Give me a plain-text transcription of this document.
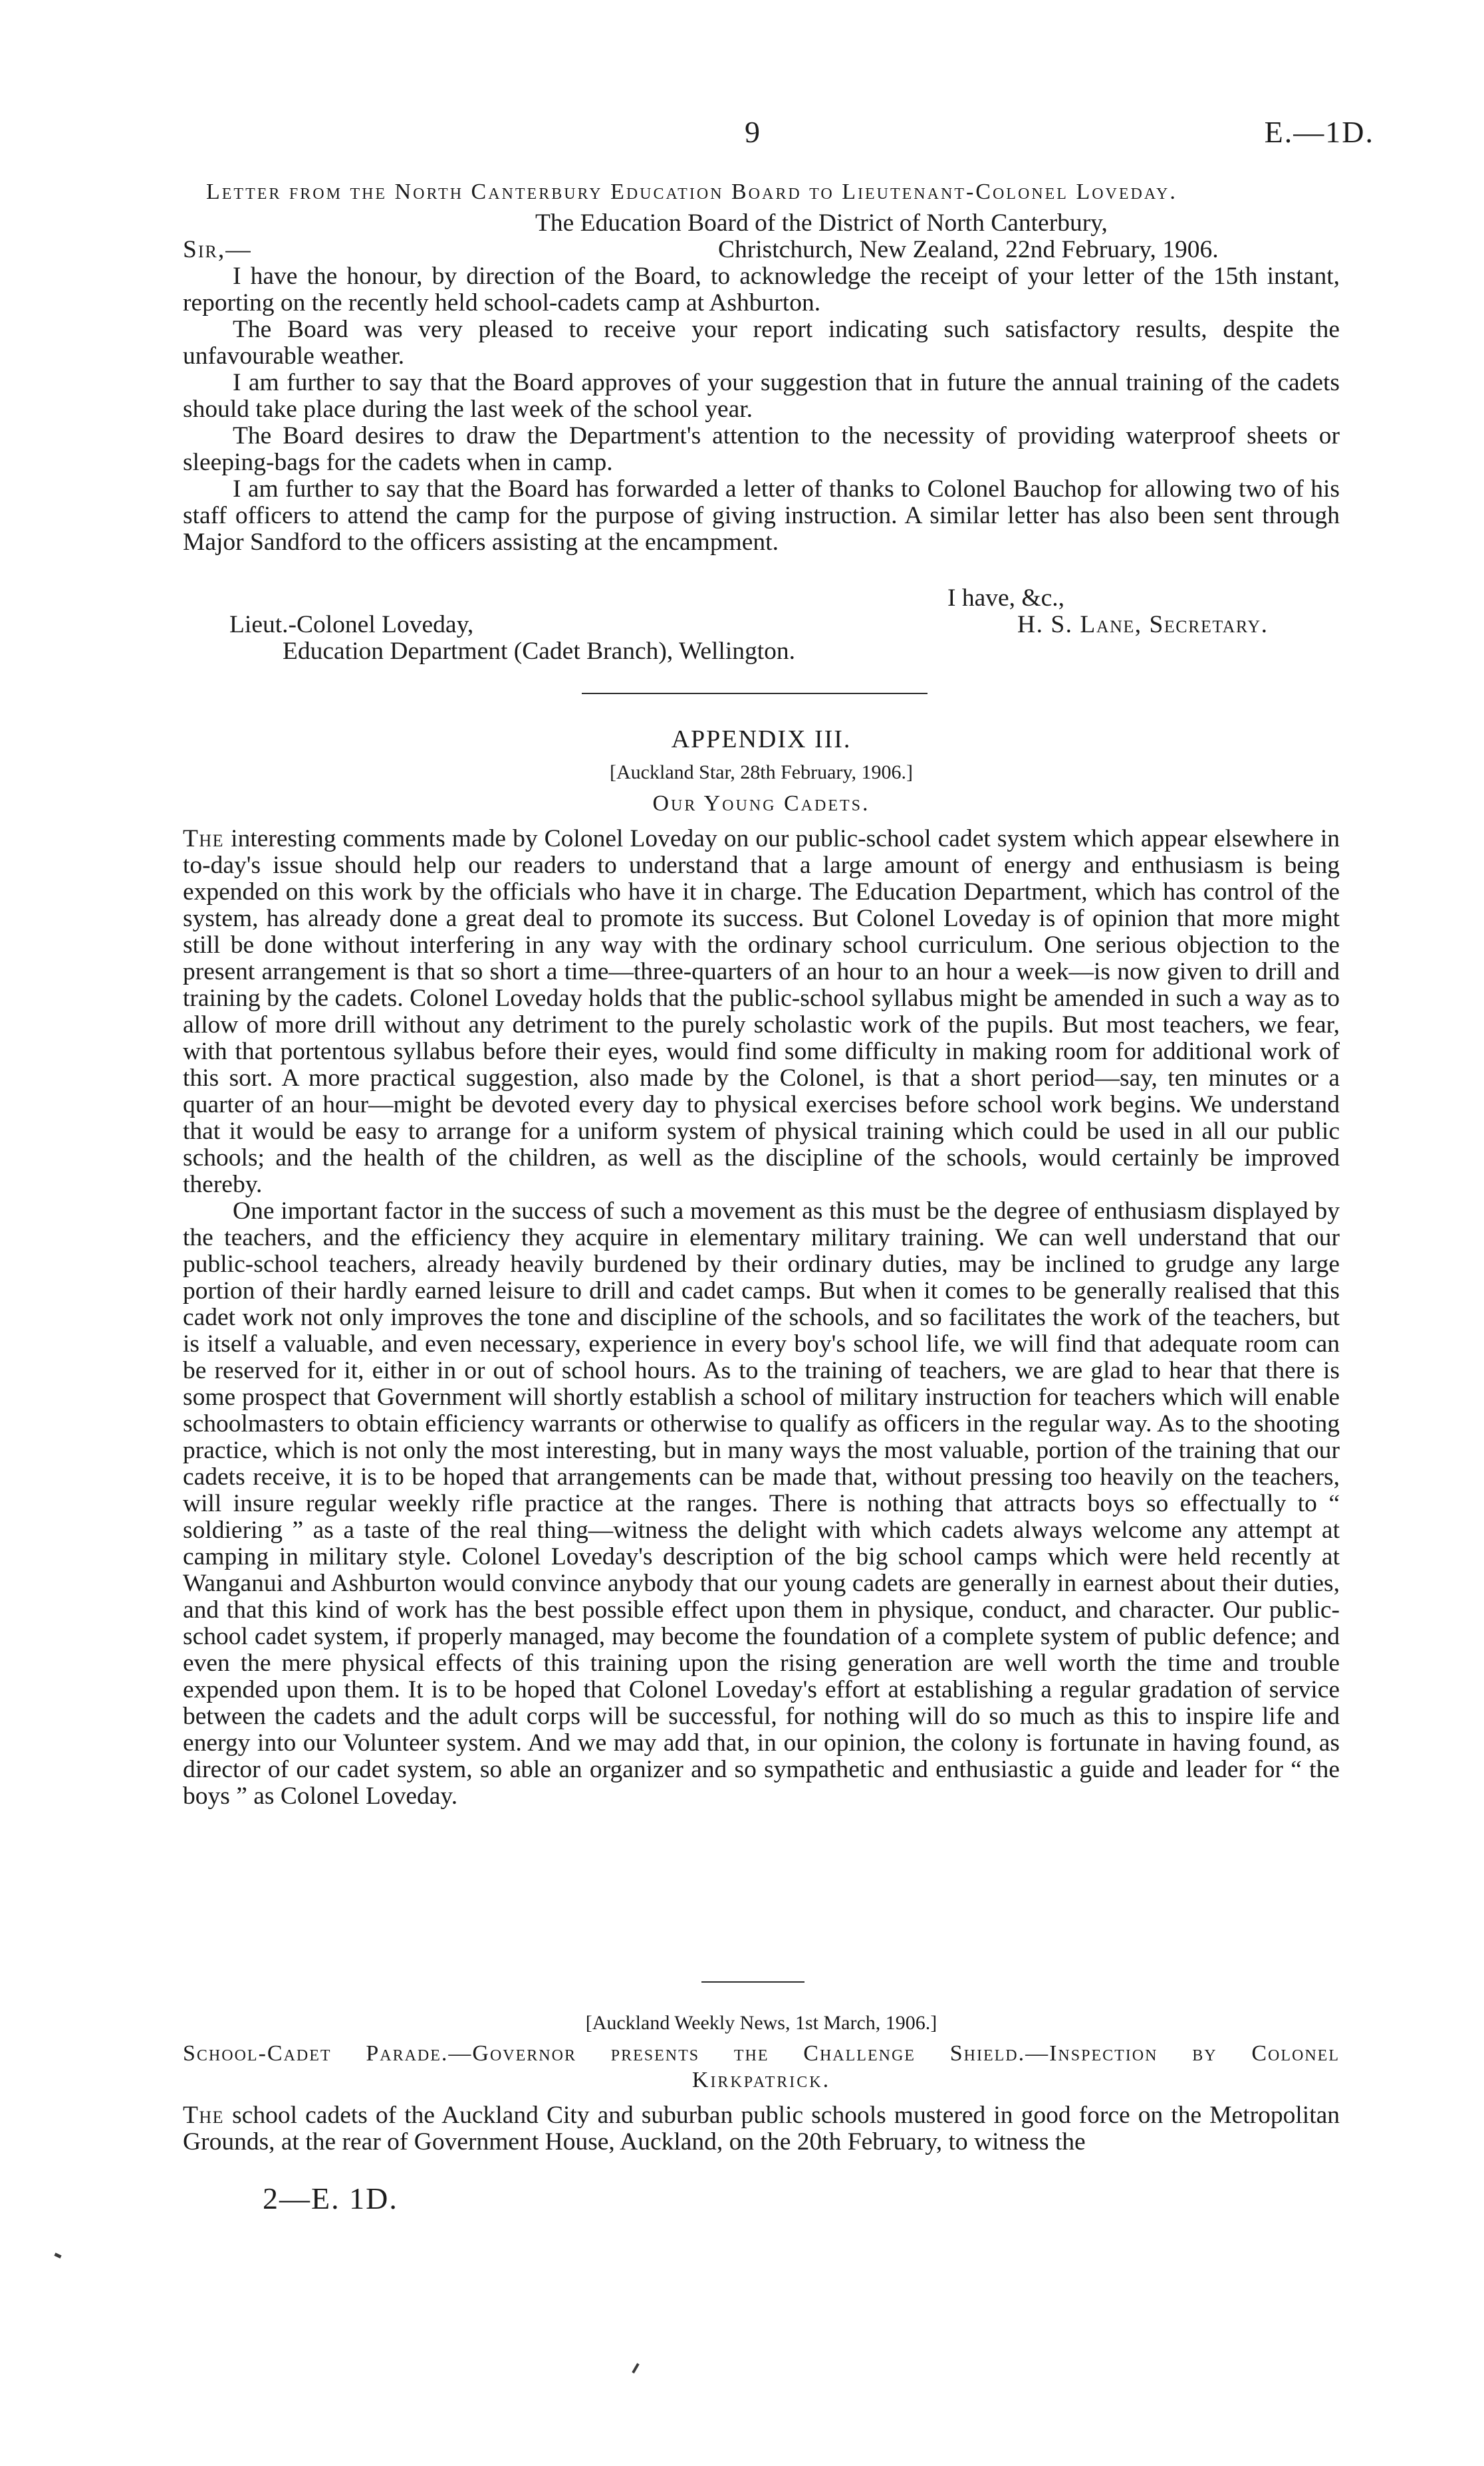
9	E.—1D.
Letter from the North Canterbury Education Board to Lieutenant-Colonel Loveday.
The Education Board of the District of North Canterbury,
Sir,—	Christchurch, New Zealand, 22nd February, 1906.

I have the honour, by direction of the Board, to acknowledge the receipt of your letter of the 15th instant, reporting on the recently held school-cadets camp at Ashburton.

The Board was very pleased to receive your report indicating such satisfactory results, despite the unfavourable weather.

I am further to say that the Board approves of your suggestion that in future the annual training of the cadets should take place during the last week of the school year.

The Board desires to draw the Department's attention to the necessity of providing waterproof sheets or sleeping-bags for the cadets when in camp.

I am further to say that the Board has forwarded a letter of thanks to Colonel Bauchop for allowing two of his staff officers to attend the camp for the purpose of giving instruction. A similar letter has also been sent through Major Sandford to the officers assisting at the encampment.

I have, &c.,
Lieut.-Colonel Loveday,	H. S. Lane, Secretary.
Education Department (Cadet Branch), Wellington.
APPENDIX III.
[Auckland Star, 28th February, 1906.]
Our Young Cadets.

The interesting comments made by Colonel Loveday on our public-school cadet system which appear elsewhere in to-day's issue should help our readers to understand that a large amount of energy and enthusiasm is being expended on this work by the officials who have it in charge. The Education Department, which has control of the system, has already done a great deal to promote its success. But Colonel Loveday is of opinion that more might still be done without interfering in any way with the ordinary school curriculum. One serious objection to the present arrangement is that so short a time—three-quarters of an hour to an hour a week—is now given to drill and training by the cadets. Colonel Loveday holds that the public-school syllabus might be amended in such a way as to allow of more drill without any detriment to the purely scholastic work of the pupils. But most teachers, we fear, with that portentous syllabus before their eyes, would find some difficulty in making room for additional work of this sort. A more practical suggestion, also made by the Colonel, is that a short period—say, ten minutes or a quarter of an hour—might be devoted every day to physical exercises before school work begins. We understand that it would be easy to arrange for a uniform system of physical training which could be used in all our public schools; and the health of the children, as well as the discipline of the schools, would certainly be improved thereby.

One important factor in the success of such a movement as this must be the degree of enthusiasm displayed by the teachers, and the efficiency they acquire in elementary military training. We can well understand that our public-school teachers, already heavily burdened by their ordinary duties, may be inclined to grudge any large portion of their hardly earned leisure to drill and cadet camps. But when it comes to be generally realised that this cadet work not only improves the tone and discipline of the schools, and so facilitates the work of the teachers, but is itself a valuable, and even necessary, experience in every boy's school life, we will find that adequate room can be reserved for it, either in or out of school hours. As to the training of teachers, we are glad to hear that there is some prospect that Government will shortly establish a school of military instruction for teachers which will enable schoolmasters to obtain efficiency warrants or otherwise to qualify as officers in the regular way. As to the shooting practice, which is not only the most interesting, but in many ways the most valuable, portion of the training that our cadets receive, it is to be hoped that arrangements can be made that, without pressing too heavily on the teachers, will insure regular weekly rifle practice at the ranges. There is nothing that attracts boys so effectually to “ soldiering ” as a taste of the real thing—witness the delight with which cadets always welcome any attempt at camping in military style. Colonel Loveday's description of the big school camps which were held recently at Wanganui and Ashburton would convince anybody that our young cadets are generally in earnest about their duties, and that this kind of work has the best possible effect upon them in physique, conduct, and character. Our public-school cadet system, if properly managed, may become the foundation of a complete system of public defence; and even the mere physical effects of this training upon the rising generation are well worth the time and trouble expended upon them. It is to be hoped that Colonel Loveday's effort at establishing a regular gradation of service between the cadets and the adult corps will be successful, for nothing will do so much as this to inspire life and energy into our Volunteer system. And we may add that, in our opinion, the colony is fortunate in having found, as director of our cadet system, so able an organizer and so sympathetic and enthusiastic a guide and leader for “ the boys ” as Colonel Loveday.

[Auckland Weekly News, 1st March, 1906.]
School-Cadet Parade.—Governor presents the Challenge Shield.—Inspection by Colonel
Kirkpatrick.

The school cadets of the Auckland City and suburban public schools mustered in good force on the Metropolitan Grounds, at the rear of Government House, Auckland, on the 20th February, to witness the

2—E. 1D.
